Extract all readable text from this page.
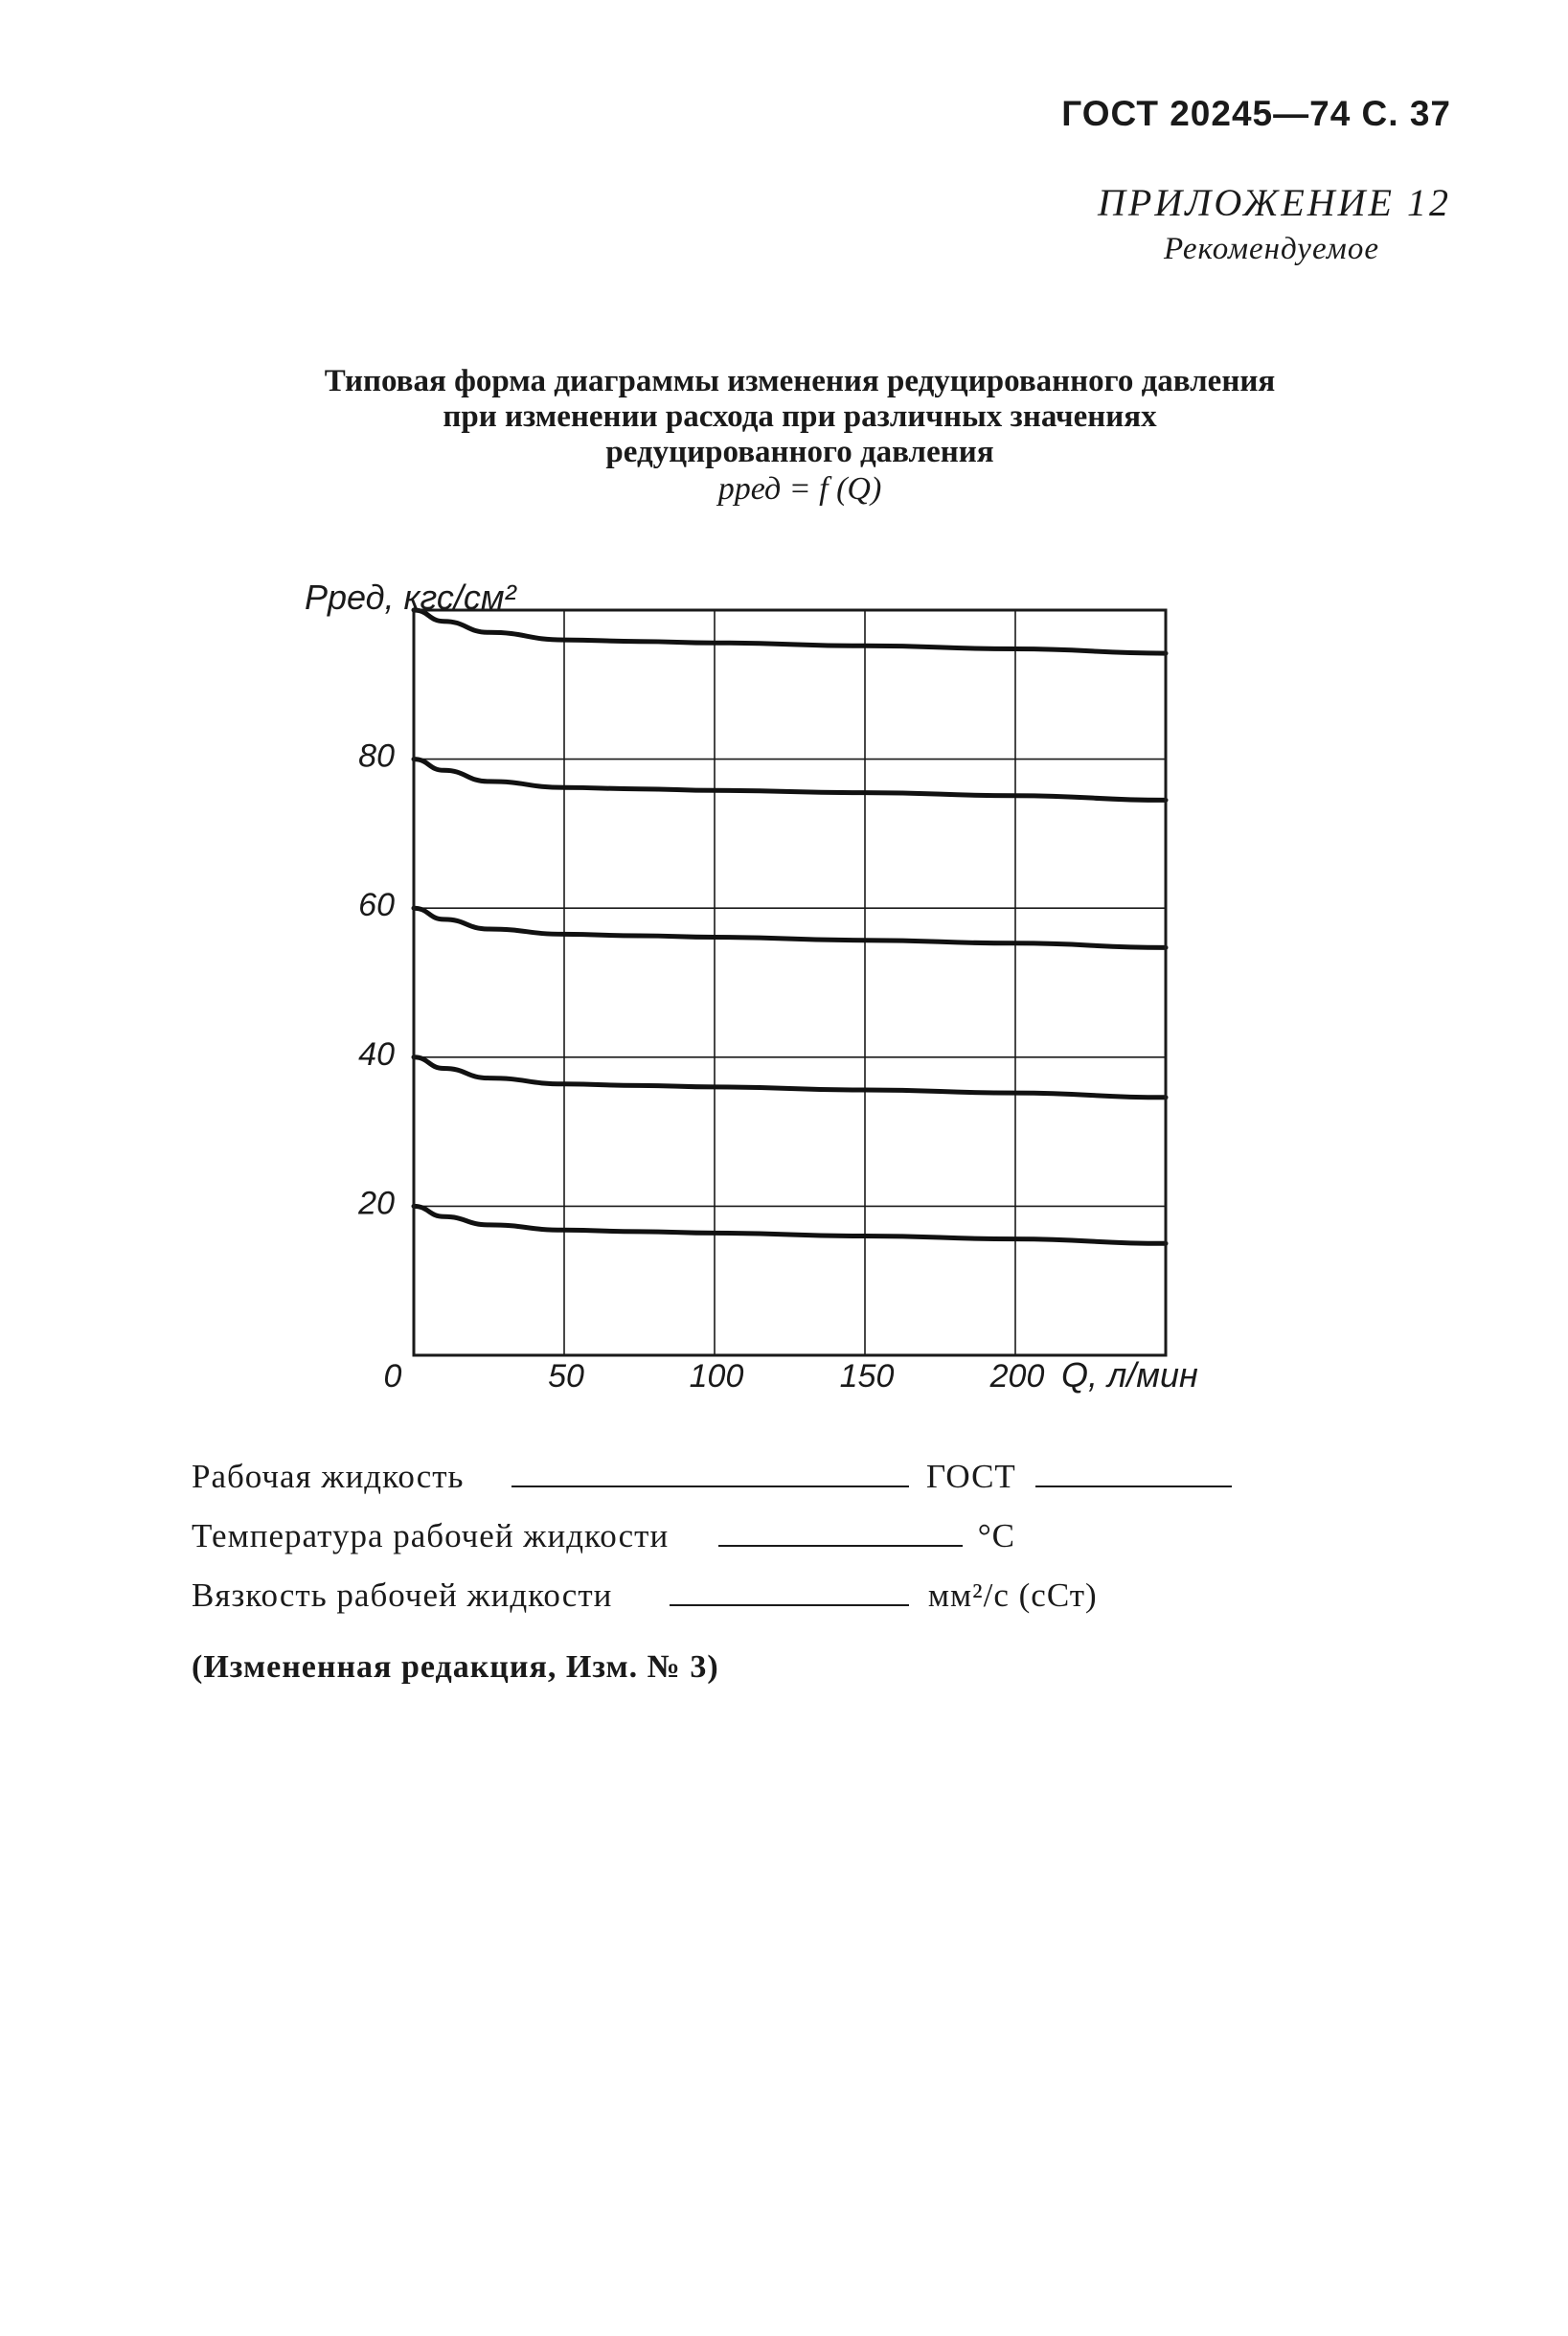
ГОСТ 20245—74 С. 37
ПРИЛОЖЕНИЕ 12
Рекомендуемое
Типовая форма диаграммы изменения редуцированного давления
при изменении расхода при различных значениях
редуцированного давления
pред = f (Q)
Pред, кгс/см²
Q, л/мин
0	50	100	150	200
20
40
60
80
Рабочая жидкость	ГОСТ
Температура рабочей жидкости	°C
Вязкость рабочей жидкости	мм²/с (сСт)
(Измененная редакция, Изм. № 3)
